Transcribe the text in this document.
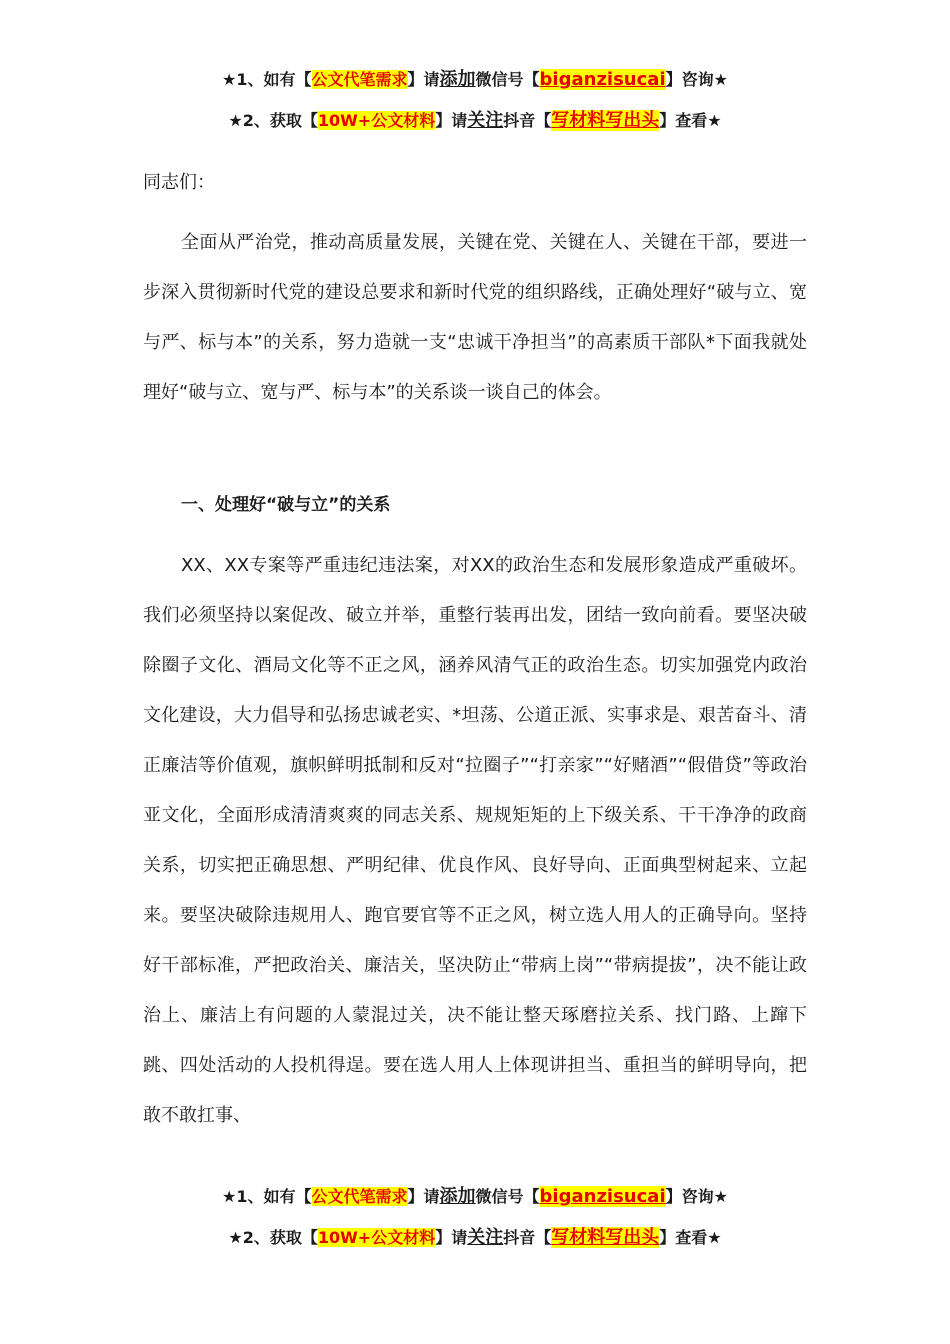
★1、如有【公文代笔需求】请添加微信号【biganzisucai】咨询★
★2、获取【10W+公文材料】请关注抖音【写材料写出头】查看★
同志们：

全面从严治党，推动高质量发展，关键在党、关键在人、关键在干部，要进一步深入贯彻新时代党的建设总要求和新时代党的组织路线，正确处理好“破与立、宽与严、标与本”的关系，努力造就一支“忠诚干净担当”的高素质干部队*下面我就处理好“破与立、宽与严、标与本”的关系谈一谈自己的体会。

一、处理好“破与立”的关系

XX、XX专案等严重违纪违法案，对XX的政治生态和发展形象造成严重破坏。我们必须坚持以案促改、破立并举，重整行装再出发，团结一致向前看。要坚决破除圈子文化、酒局文化等不正之风，涵养风清气正的政治生态。切实加强党内政治文化建设，大力倡导和弘扬忠诚老实、*坦荡、公道正派、实事求是、艰苦奋斗、清正廉洁等价值观，旗帜鲜明抵制和反对“拉圈子”“打亲家”“好赌酒”“假借贷”等政治亚文化，全面形成清清爽爽的同志关系、规规矩矩的上下级关系、干干净净的政商关系，切实把正确思想、严明纪律、优良作风、良好导向、正面典型树起来、立起来。要坚决破除违规用人、跑官要官等不正之风，树立选人用人的正确导向。坚持好干部标准，严把政治关、廉洁关，坚决防止“带病上岗”“带病提拔”，决不能让政治上、廉洁上有问题的人蒙混过关，决不能让整天琢磨拉关系、找门路、上蹿下跳、四处活动的人投机得逞。要在选人用人上体现讲担当、重担当的鲜明导向，把敢不敢扛事、

★1、如有【公文代笔需求】请添加微信号【biganzisucai】咨询★
★2、获取【10W+公文材料】请关注抖音【写材料写出头】查看★
